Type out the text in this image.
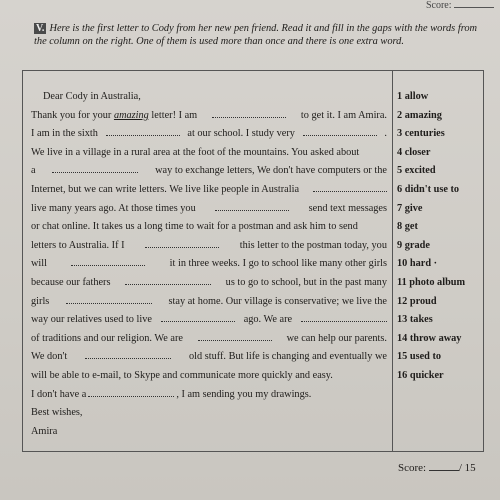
Score:
V. Here is the first letter to Cody from her new pen friend. Read it and fill in the gaps with the words from the column on the right. One of them is used more than once and there is one extra word.
Dear Cody in Australia,
Thank you for your amazing letter! I am	to get it. I am Amira.
I am in the sixth	at our school. I study very	.
We live in a village in a rural area at the foot of the mountains. You asked about
a	way to exchange letters, We don't have computers or the
Internet, but we can write letters. We live like people in Australia
live many years ago. At those times you	send text messages
or chat online. It takes us a long time to wait for a postman and ask him to send
letters to Australia. If I	this letter to the postman today, you
will	it in three weeks. I go to school like many other girls
because our fathers	us to go to school, but in the past many
girls	stay at home. Our village is conservative; we live the
way our relatives used to live	ago. We are
of traditions and our religion. We are	we can help our parents.
We don't	old stuff. But life is changing and eventually we
will be able to e-mail, to Skype and communicate more quickly and easy.
I don't have a	, I am sending you my drawings.
Best wishes,
Amira
1 allow
2 amazing
3 centuries
4 closer
5 excited
6 didn't use to
7 give
8 get
9 grade
10 hard ·
11 photo album
12 proud
13 takes
14 throw away
15 used to
16 quicker
Score:	/ 15
